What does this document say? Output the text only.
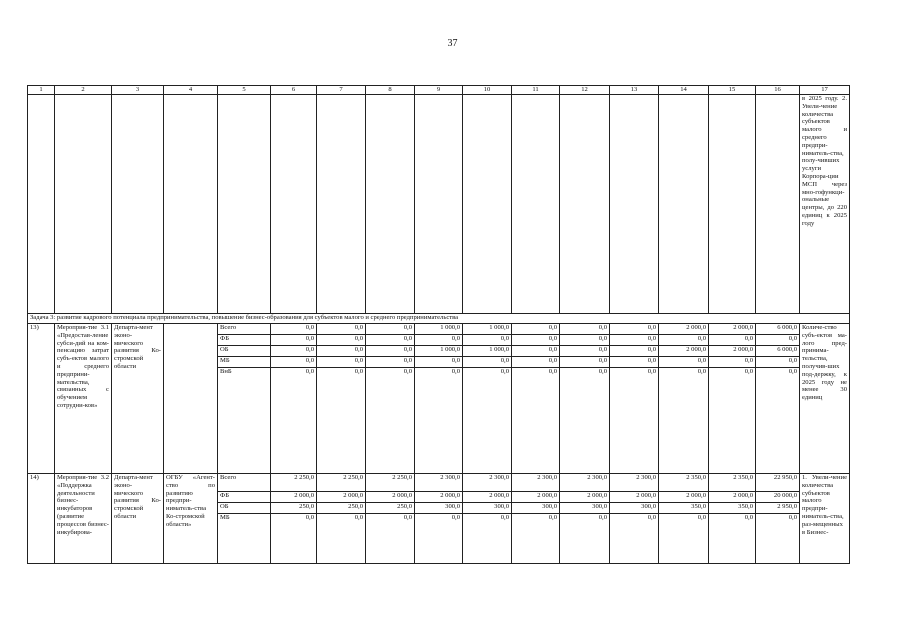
37
1	2	3	4	5	6	7	8	9	10	11	12	13	14	15	16	17
																в 2025 году. 2. Увели-чение количества субъектов малого и среднего предпри-ниматель-ства, полу-чивших услуги Корпора-ции МСП через мно-гофункци-ональные центры, до 220 единиц к 2025 году
Задача 3: развитие кадрового потенциала предпринимательства, повышение бизнес-образования для субъектов малого и среднего предпринимательства																
13)	Мероприя-тие 3.1 «Предостав-ление субси-дий на ком-пенсацию затрат субъ-ектов малого и среднего предприни-мательства, связанных с обучением сотрудни-ков»	Департа-мент эконо-мического развития Ко-стромской области		Всего	0,0	0,0	0,0	1 000,0	1 000,0	0,0	0,0	0,0	2 000,0	2 000,0	6 000,0	Количе-ство субъ-ектов ма-лого пред-принима-тельства, получив-ших под-держку, к 2025 году не менее 30 единиц
				ФБ	0,0	0,0	0,0	0,0	0,0	0,0	0,0	0,0	0,0	0,0	0,0	
				ОБ	0,0	0,0	0,0	1 000,0	1 000,0	0,0	0,0	0,0	2 000,0	2 000,0	6 000,0	
				МБ	0,0	0,0	0,0	0,0	0,0	0,0	0,0	0,0	0,0	0,0	0,0	
				ВнБ	0,0	0,0	0,0	0,0	0,0	0,0	0,0	0,0	0,0	0,0	0,0	
14)	Мероприя-тие 3.2 «Поддержка деятельности бизнес-инкубаторов (развитие процессов бизнес-инкубирова-	Департа-мент эконо-мического развития Ко-стромской области	ОГБУ «Агент-ство по развитию предпри-ниматель-ства Ко-стромской области»	Всего	2 250,0	2 250,0	2 250,0	2 300,0	2 300,0	2 300,0	2 300,0	2 300,0	2 350,0	2 350,0	22 950,0	1. Увели-чение количества субъектов малого предпри-ниматель-ства, раз-мещенных в Бизнес-
				ФБ	2 000,0	2 000,0	2 000,0	2 000,0	2 000,0	2 000,0	2 000,0	2 000,0	2 000,0	2 000,0	20 000,0	
				ОБ	250,0	250,0	250,0	300,0	300,0	300,0	300,0	300,0	350,0	350,0	2 950,0	
				МБ	0,0	0,0	0,0	0,0	0,0	0,0	0,0	0,0	0,0	0,0	0,0	
